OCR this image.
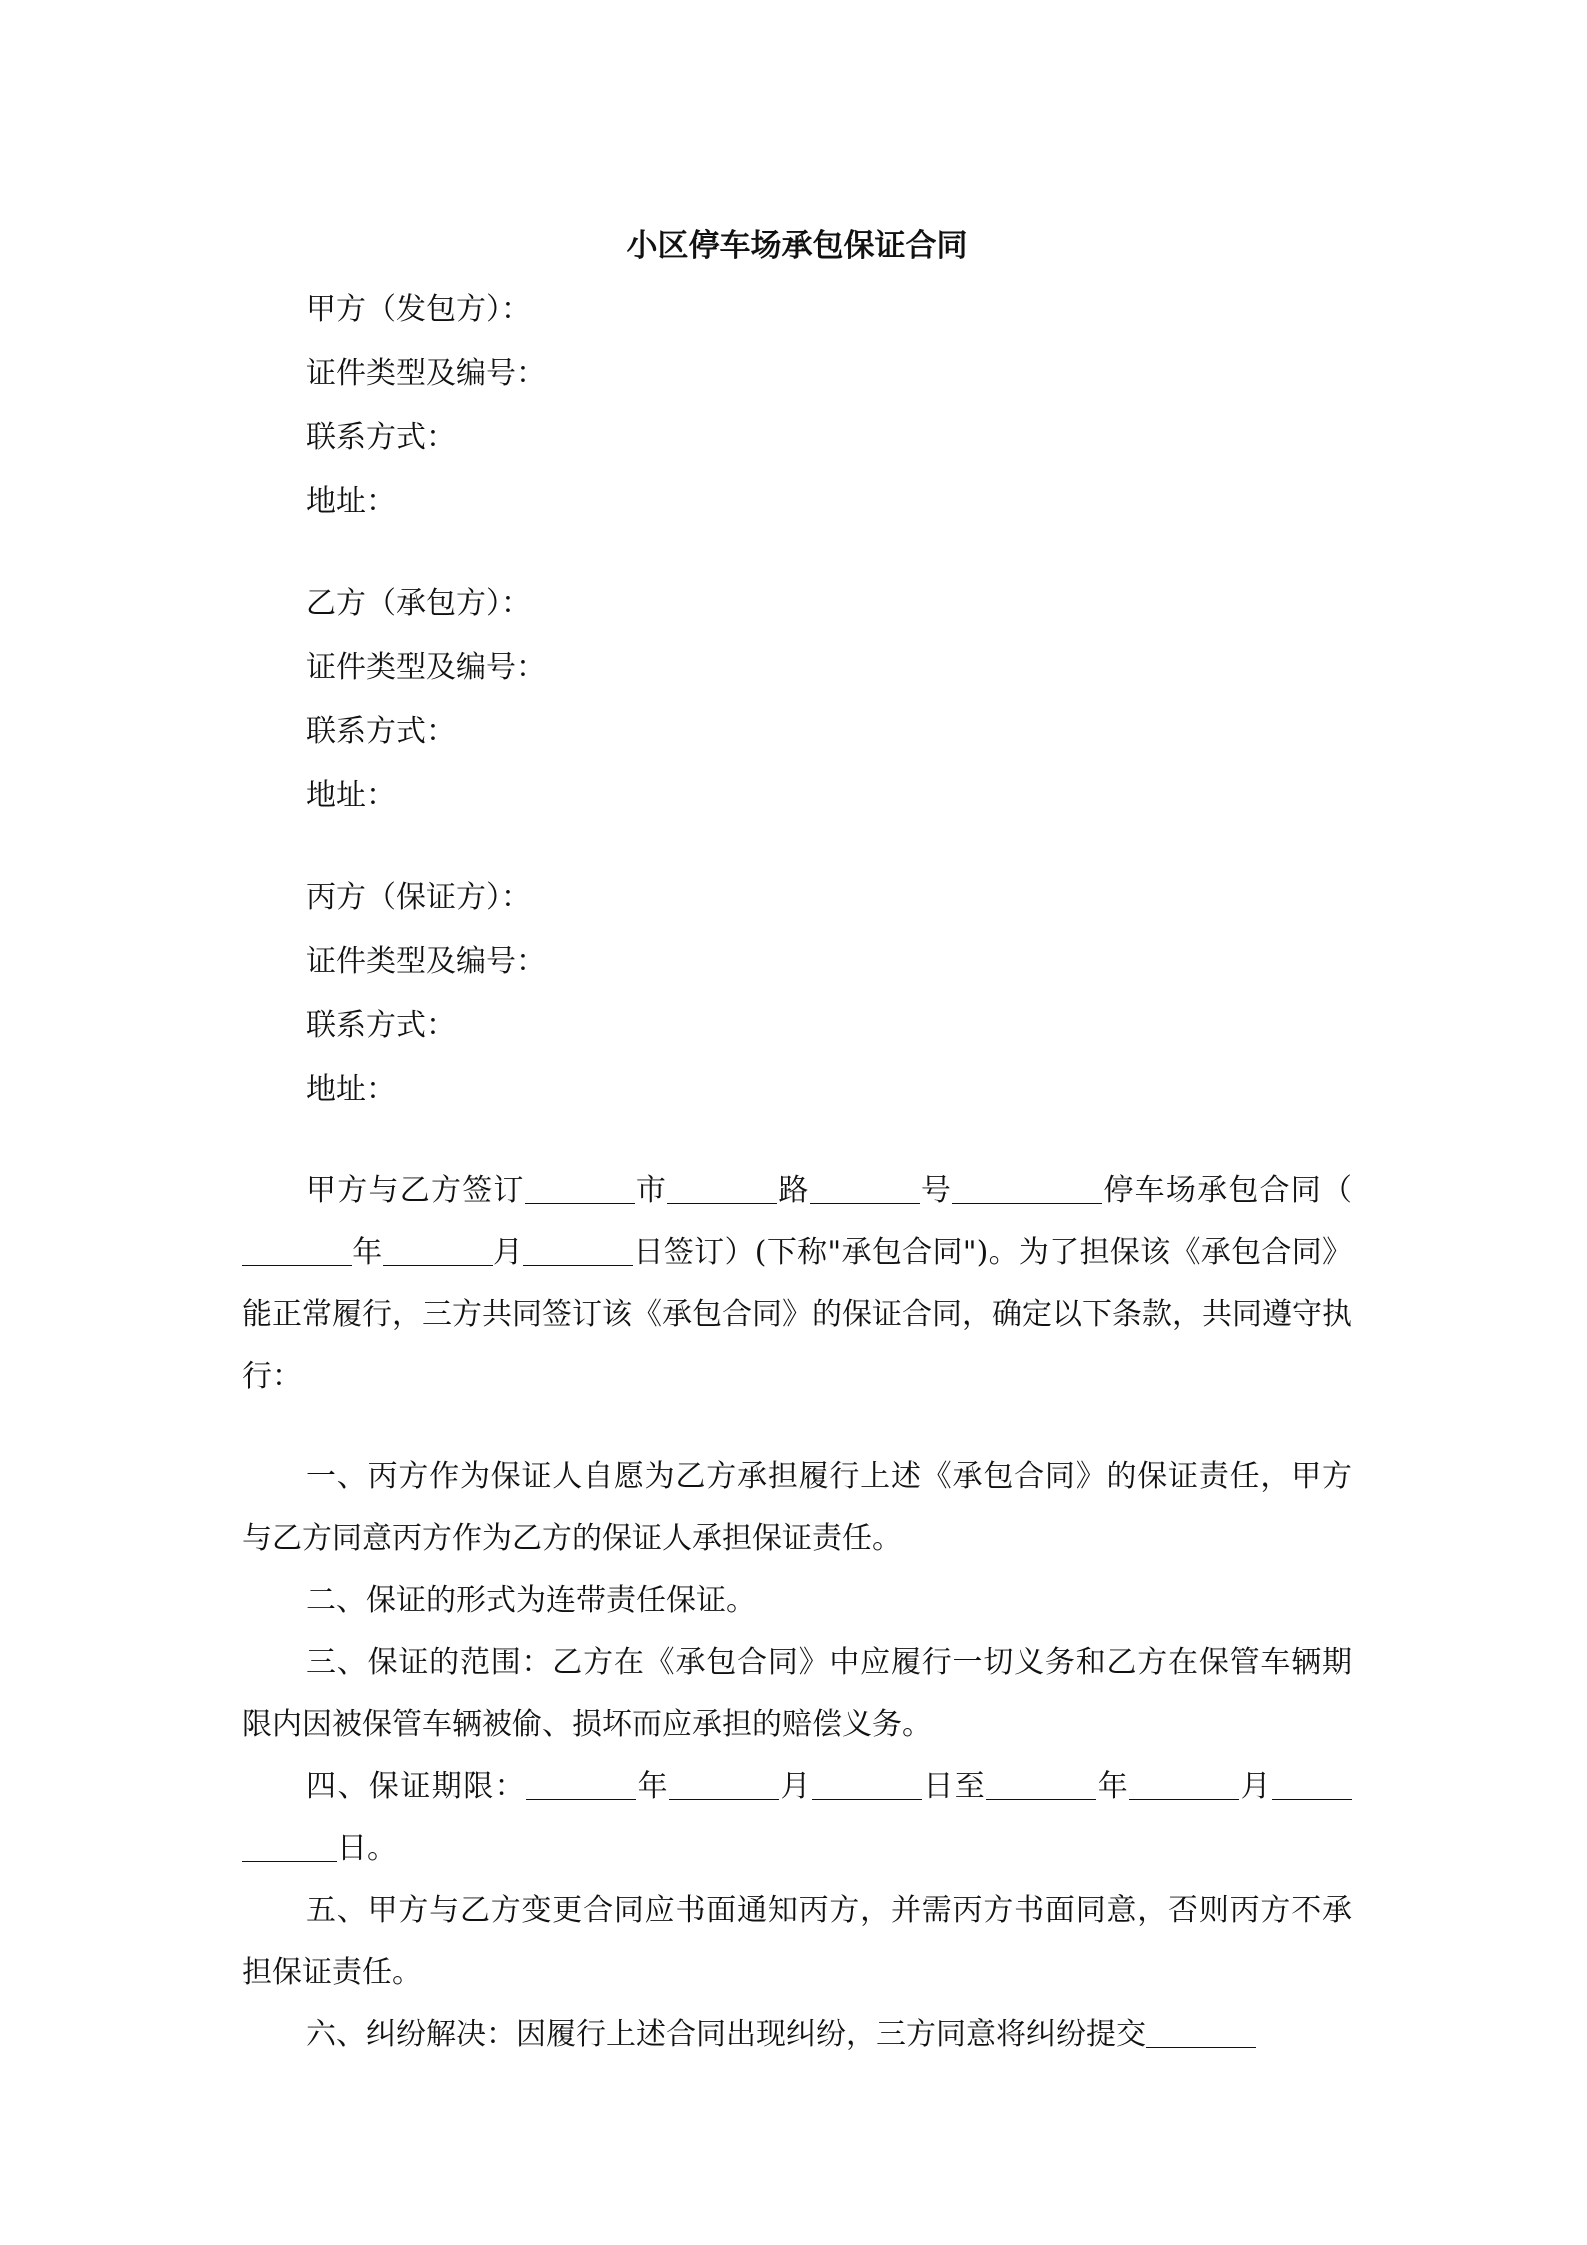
小区停车场承包保证合同
甲方（发包方）：
证件类型及编号：
联系方式：
地址：
乙方（承包方）：
证件类型及编号：
联系方式：
地址：
丙方（保证方）：
证件类型及编号：
联系方式：
地址：

甲方与乙方签订	市	路	号	停车场承包合同（年	月	日签订）(下称"承包合同")。为了担保该《承包合同》能正常履行，三方共同签订该《承包合同》的保证合同，确定以下条款，共同遵守执行：

一、丙方作为保证人自愿为乙方承担履行上述《承包合同》的保证责任，甲方与乙方同意丙方作为乙方的保证人承担保证责任。

二、保证的形式为连带责任保证。

三、保证的范围：乙方在《承包合同》中应履行一切义务和乙方在保管车辆期限内因被保管车辆被偷、损坏而应承担的赔偿义务。

四、保证期限：	年	月	日至	年	月日。

五、甲方与乙方变更合同应书面通知丙方，并需丙方书面同意，否则丙方不承担保证责任。

六、纠纷解决：因履行上述合同出现纠纷，三方同意将纠纷提交
